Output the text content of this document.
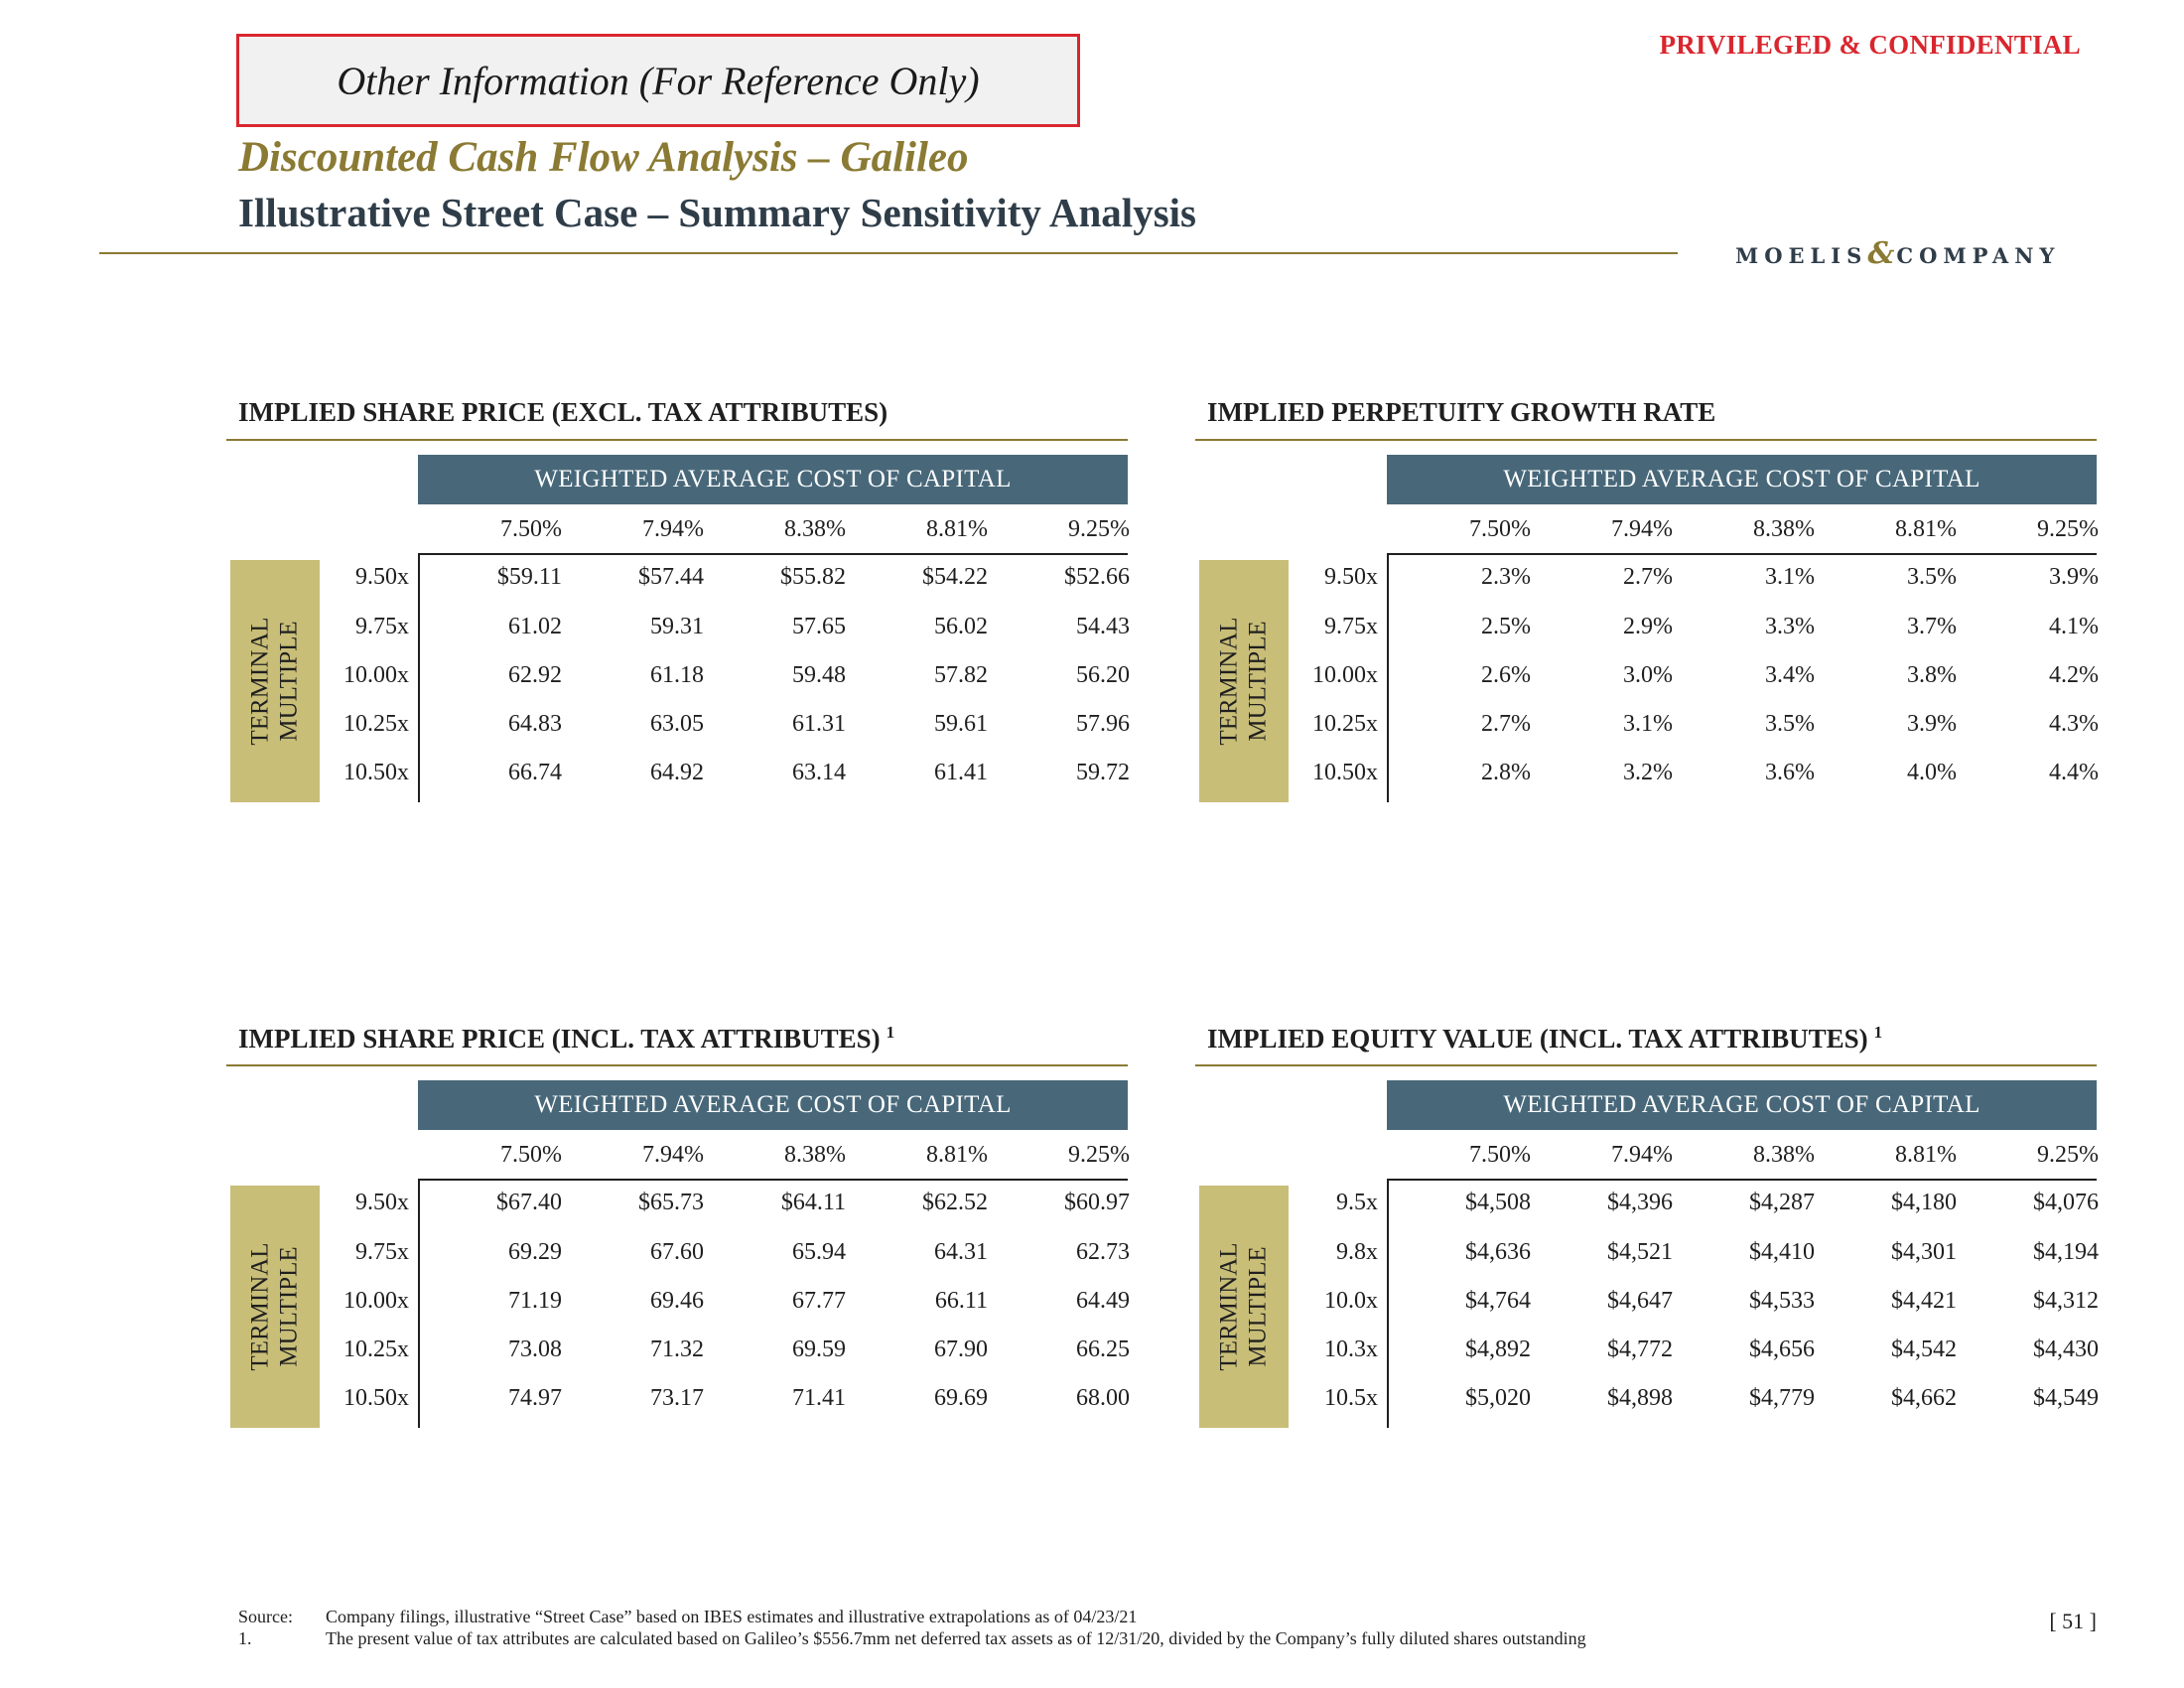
Other Information (For Reference Only)
PRIVILEGED & CONFIDENTIAL
Discounted Cash Flow Analysis – Galileo
Illustrative Street Case – Summary Sensitivity Analysis
MOELIS&COMPANY
IMPLIED SHARE PRICE (EXCL. TAX ATTRIBUTES)
WEIGHTED AVERAGE COST OF CAPITAL
7.50%	7.94%	8.38%	8.81%	9.25%
TERMINAL MULTIPLE
9.50x	$59.11	$57.44	$55.82	$54.22	$52.66
9.75x	61.02	59.31	57.65	56.02	54.43
10.00x	62.92	61.18	59.48	57.82	56.20
10.25x	64.83	63.05	61.31	59.61	57.96
10.50x	66.74	64.92	63.14	61.41	59.72
IMPLIED PERPETUITY GROWTH RATE
WEIGHTED AVERAGE COST OF CAPITAL
7.50%	7.94%	8.38%	8.81%	9.25%
TERMINAL MULTIPLE
9.50x	2.3%	2.7%	3.1%	3.5%	3.9%
9.75x	2.5%	2.9%	3.3%	3.7%	4.1%
10.00x	2.6%	3.0%	3.4%	3.8%	4.2%
10.25x	2.7%	3.1%	3.5%	3.9%	4.3%
10.50x	2.8%	3.2%	3.6%	4.0%	4.4%
IMPLIED SHARE PRICE (INCL. TAX ATTRIBUTES) $^1$
WEIGHTED AVERAGE COST OF CAPITAL
7.50%	7.94%	8.38%	8.81%	9.25%
TERMINAL MULTIPLE
9.50x	$67.40	$65.73	$64.11	$62.52	$60.97
9.75x	69.29	67.60	65.94	64.31	62.73
10.00x	71.19	69.46	67.77	66.11	64.49
10.25x	73.08	71.32	69.59	67.90	66.25
10.50x	74.97	73.17	71.41	69.69	68.00
IMPLIED EQUITY VALUE (INCL. TAX ATTRIBUTES) $^1$
WEIGHTED AVERAGE COST OF CAPITAL
7.50%	7.94%	8.38%	8.81%	9.25%
TERMINAL MULTIPLE
9.5x	$4,508	$4,396	$4,287	$4,180	$4,076
9.8x	$4,636	$4,521	$4,410	$4,301	$4,194
10.0x	$4,764	$4,647	$4,533	$4,421	$4,312
10.3x	$4,892	$4,772	$4,656	$4,542	$4,430
10.5x	$5,020	$4,898	$4,779	$4,662	$4,549
Source: Company filings, illustrative “Street Case” based on IBES estimates and illustrative extrapolations as of 04/23/21
1.	The present value of tax attributes are calculated based on Galileo’s $556.7mm net deferred tax assets as of 12/31/20, divided by the Company’s fully diluted shares outstanding
[ 51 ]
